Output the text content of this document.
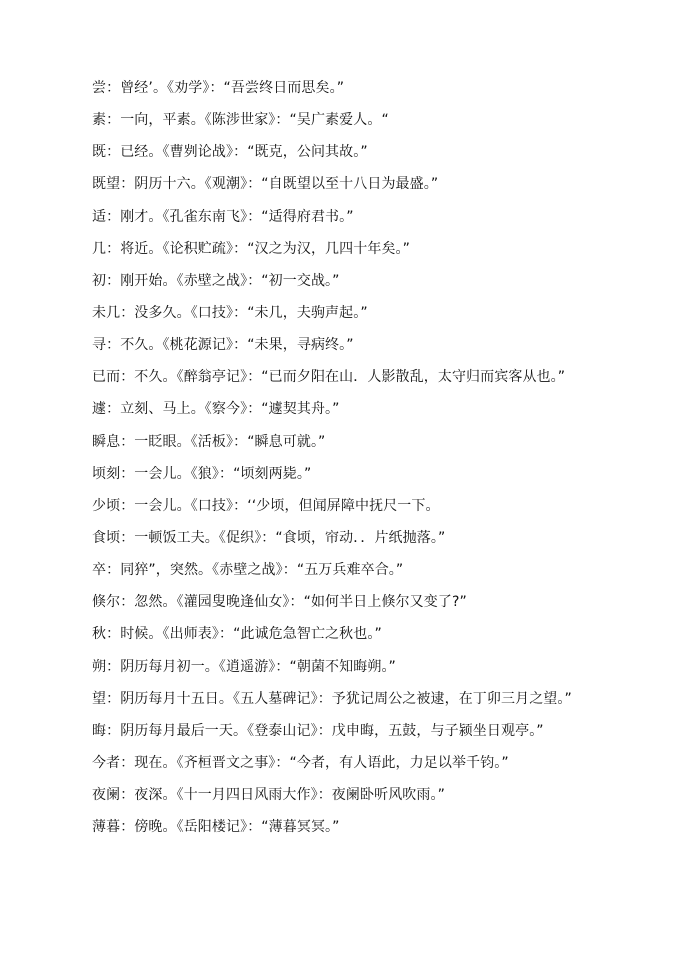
尝：曾经’。《劝学》：“吾尝终日而思矣。”
素：一向，平素。《陈涉世家》：“吴广素爱人。“
既：已经。《曹刿论战》：“既克，公问其故。”
既望：阴历十六。《观潮》：“自既望以至十八日为最盛。”
适：刚才。《孔雀东南飞》：“适得府君书。”
几：将近。《论积贮疏》：“汉之为汉，几四十年矣。”
初：刚开始。《赤壁之战》：“初一交战。”
未几：没多久。《口技》：“未几，夫驹声起。”
寻：不久。《桃花源记》：“未果，寻病终。”
已而：不久。《醉翁亭记》：“已而夕阳在山．人影散乱，太守归而宾客从也。”
遽：立刻、马上。《察今》：“遽契其舟。”
瞬息：一眨眼。《活板》：“瞬息可就。”
顷刻：一会儿。《狼》：“顷刻两毙。”
少顷：一会儿。《口技》：‘‘少顷，但闻屏障中抚尺一下。
食顷：一顿饭工夫。《促织》：“食顷，帘动．．片纸抛落。”
卒：同猝”，突然。《赤壁之战》：“五万兵难卒合。”
倏尔：忽然。《灌园叟晚逢仙女》：“如何半日上倏尔又变了?”
秋：时候。《出师表》：“此诚危急智亡之秋也。”
朔：阴历每月初一。《逍遥游》：“朝菌不知晦朔。”
望：阴历每月十五日。《五人墓碑记》：予犹记周公之被逮，在丁卯三月之望。”
晦：阴历每月最后一天。《登泰山记》：戊申晦，五鼓，与子颍坐日观亭。”
今者：现在。《齐桓晋文之事》：“今者，有人语此，力足以举千钧。”
夜阑：夜深。《十一月四日风雨大作》：夜阑卧听风吹雨。”
薄暮：傍晚。《岳阳楼记》：“薄暮冥冥。”
